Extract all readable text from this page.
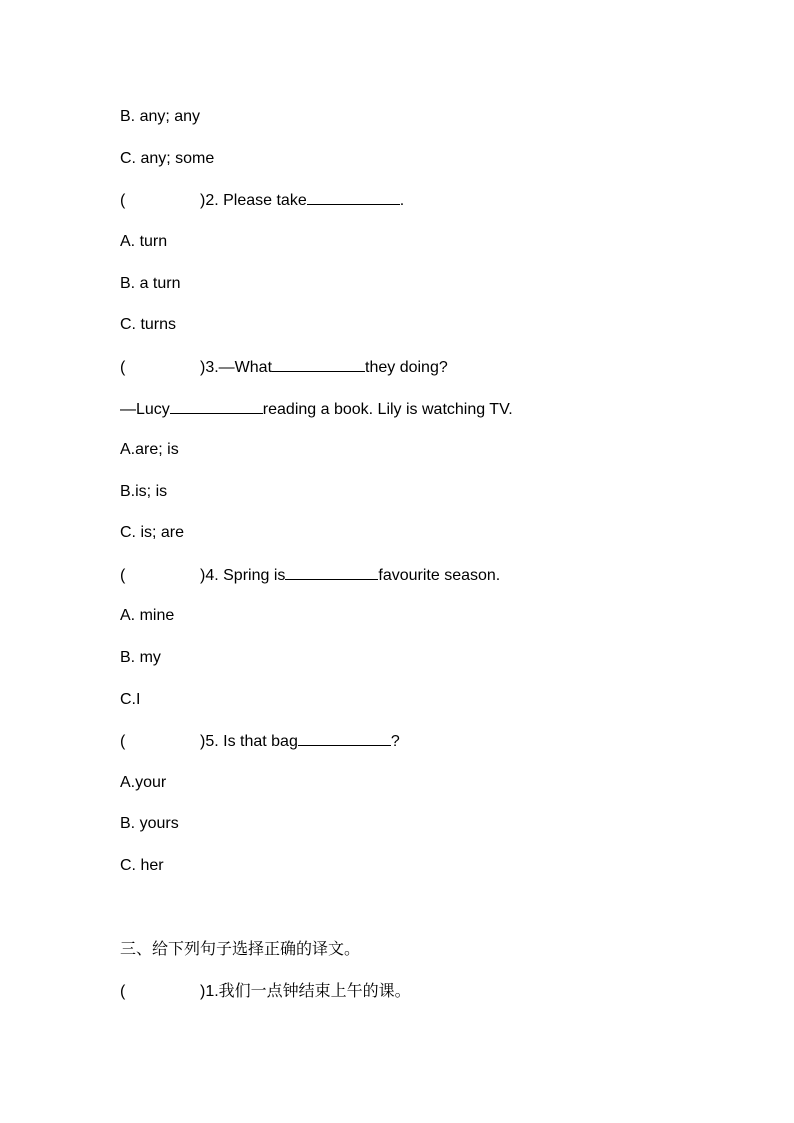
B. any; any
C. any; some
(	)2. Please take	.
A. turn
B. a turn
C. turns
(	)3.—What	they doing?
—Lucy	reading a book. Lily is watching TV.
A.are; is
B.is; is
C. is; are
(	)4. Spring is	favourite season.
A. mine
B. my
C.I
(	)5. Is that bag	?
A.your
B. yours
C. her
三、给下列句子选择正确的译文。
(	)1.我们一点钟结束上午的课。
